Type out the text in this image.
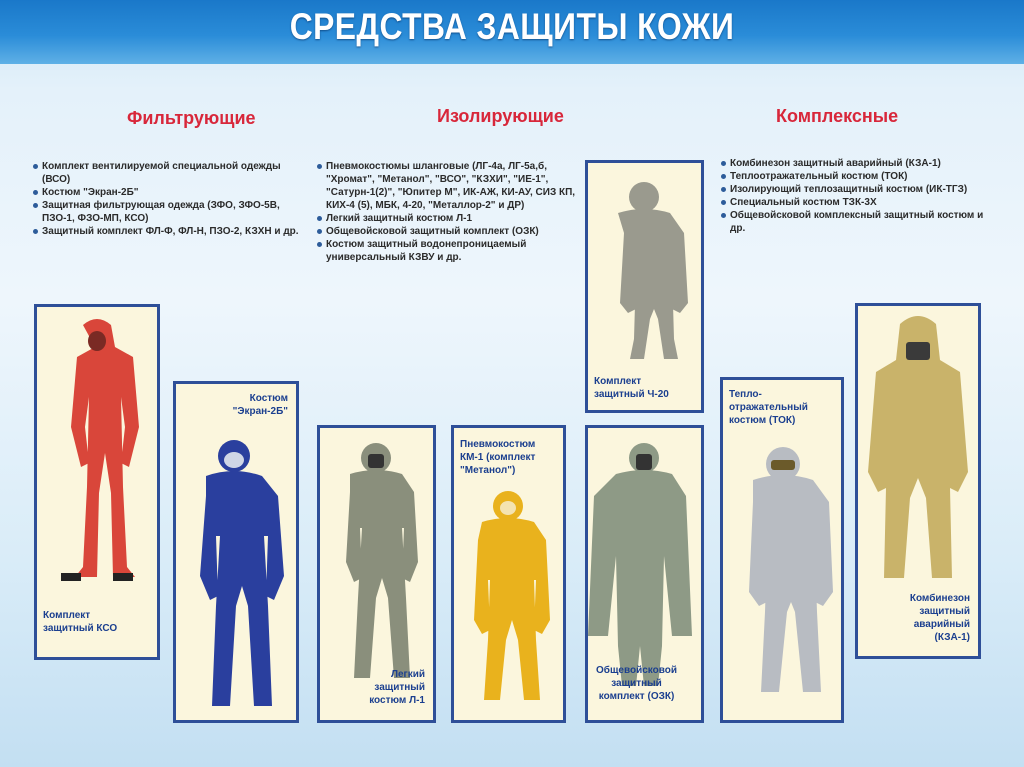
СРЕДСТВА ЗАЩИТЫ КОЖИ
Фильтрующие	Изолирующие	Комплексные
Комплект вентилируемой специальной одежды (ВСО)
Костюм "Экран-2Б"
Защитная фильтрующая одежда (ЗФО, ЗФО-5В, ПЗО-1, ФЗО-МП, КСО)
Защитный комплект ФЛ-Ф, ФЛ-Н, ПЗО-2, КЗХН и др.
Пневмокостюмы шланговые (ЛГ-4а, ЛГ-5а,б, "Хромат", "Метанол", "ВСО", "КЗХИ", "ИЕ-1", "Сатурн-1(2)", "Юпитер М", ИК-АЖ, КИ-АУ, СИЗ КП, КИХ-4 (5), МБК, 4-20, "Металлор-2" и ДР)
Легкий защитный костюм Л-1
Общевойсковой защитный комплект (ОЗК)
Костюм защитный водонепроницаемый универсальный КЗВУ и др.
Комбинезон защитный аварийный (КЗА-1)
Теплоотражательный костюм (ТОК)
Изолирующий теплозащитный костюм (ИК-ТГЗ)
Специальный костюм ТЗК-3Х
Общевойсковой комплексный защитный костюм и др.
Комплект
защитный КСО
Костюм
"Экран-2Б"
Легкий
защитный
костюм Л-1
Пневмокостюм
КМ-1 (комплект
"Метанол")
Комплект
защитный Ч-20
Общевойсковой
защитный
комплект (ОЗК)
Тепло-
отражательный
костюм (ТОК)
Комбинезон
защитный
аварийный
(КЗА-1)
